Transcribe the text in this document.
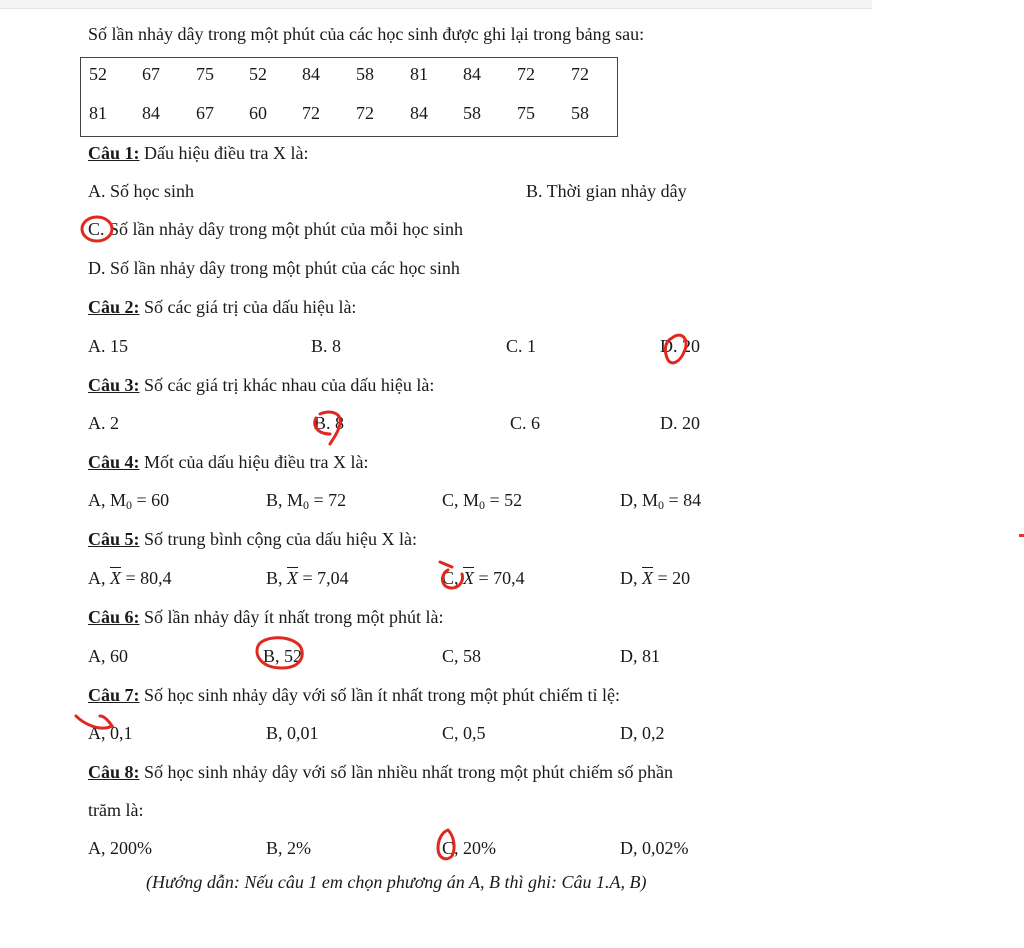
Số lần nhảy dây trong một phút của các học sinh được ghi lại trong bảng sau:
52 67 75 52 84 58 81 84 72 72
81 84 67 60 72 72 84 58 75 58
Câu 1: Dấu hiệu điều tra X là:
A. Số học sinh	B. Thời gian nhảy dây
C. Số lần nhảy dây trong một phút của mỗi học sinh
D. Số lần nhảy dây trong một phút của các học sinh
Câu 2: Số các giá trị của dấu hiệu là:
A. 15	B. 8	C. 1	D. 20
Câu 3: Số các giá trị khác nhau của dấu hiệu là:
A. 2	B. 8	C. 6	D. 20
Câu 4: Mốt của dấu hiệu điều tra X là:
A, $M_0 = 60$	B, $M_0 = 72$	C, $M_0 = 52$	D, $M_0 = 84$
Câu 5: Số trung bình cộng của dấu hiệu X là:
A, $\overline{X} = 80,4$	B, $\overline{X} = 7,04$	C, $\overline{X} = 70,4$	D, $\overline{X} = 20$
Câu 6: Số lần nhảy dây ít nhất trong một phút là:
A, 60	B, 52	C, 58	D, 81
Câu 7: Số học sinh nhảy dây với số lần ít nhất trong một phút chiếm tỉ lệ:
A, 0,1	B, 0,01	C, 0,5	D, 0,2
Câu 8: Số học sinh nhảy dây với số lần nhiều nhất trong một phút chiếm số phần
trăm là:
A, 200%	B, 2%	C, 20%	D, 0,02%
(Hướng dẫn: Nếu câu 1 em chọn phương án A, B thì ghi: Câu 1.A, B)
